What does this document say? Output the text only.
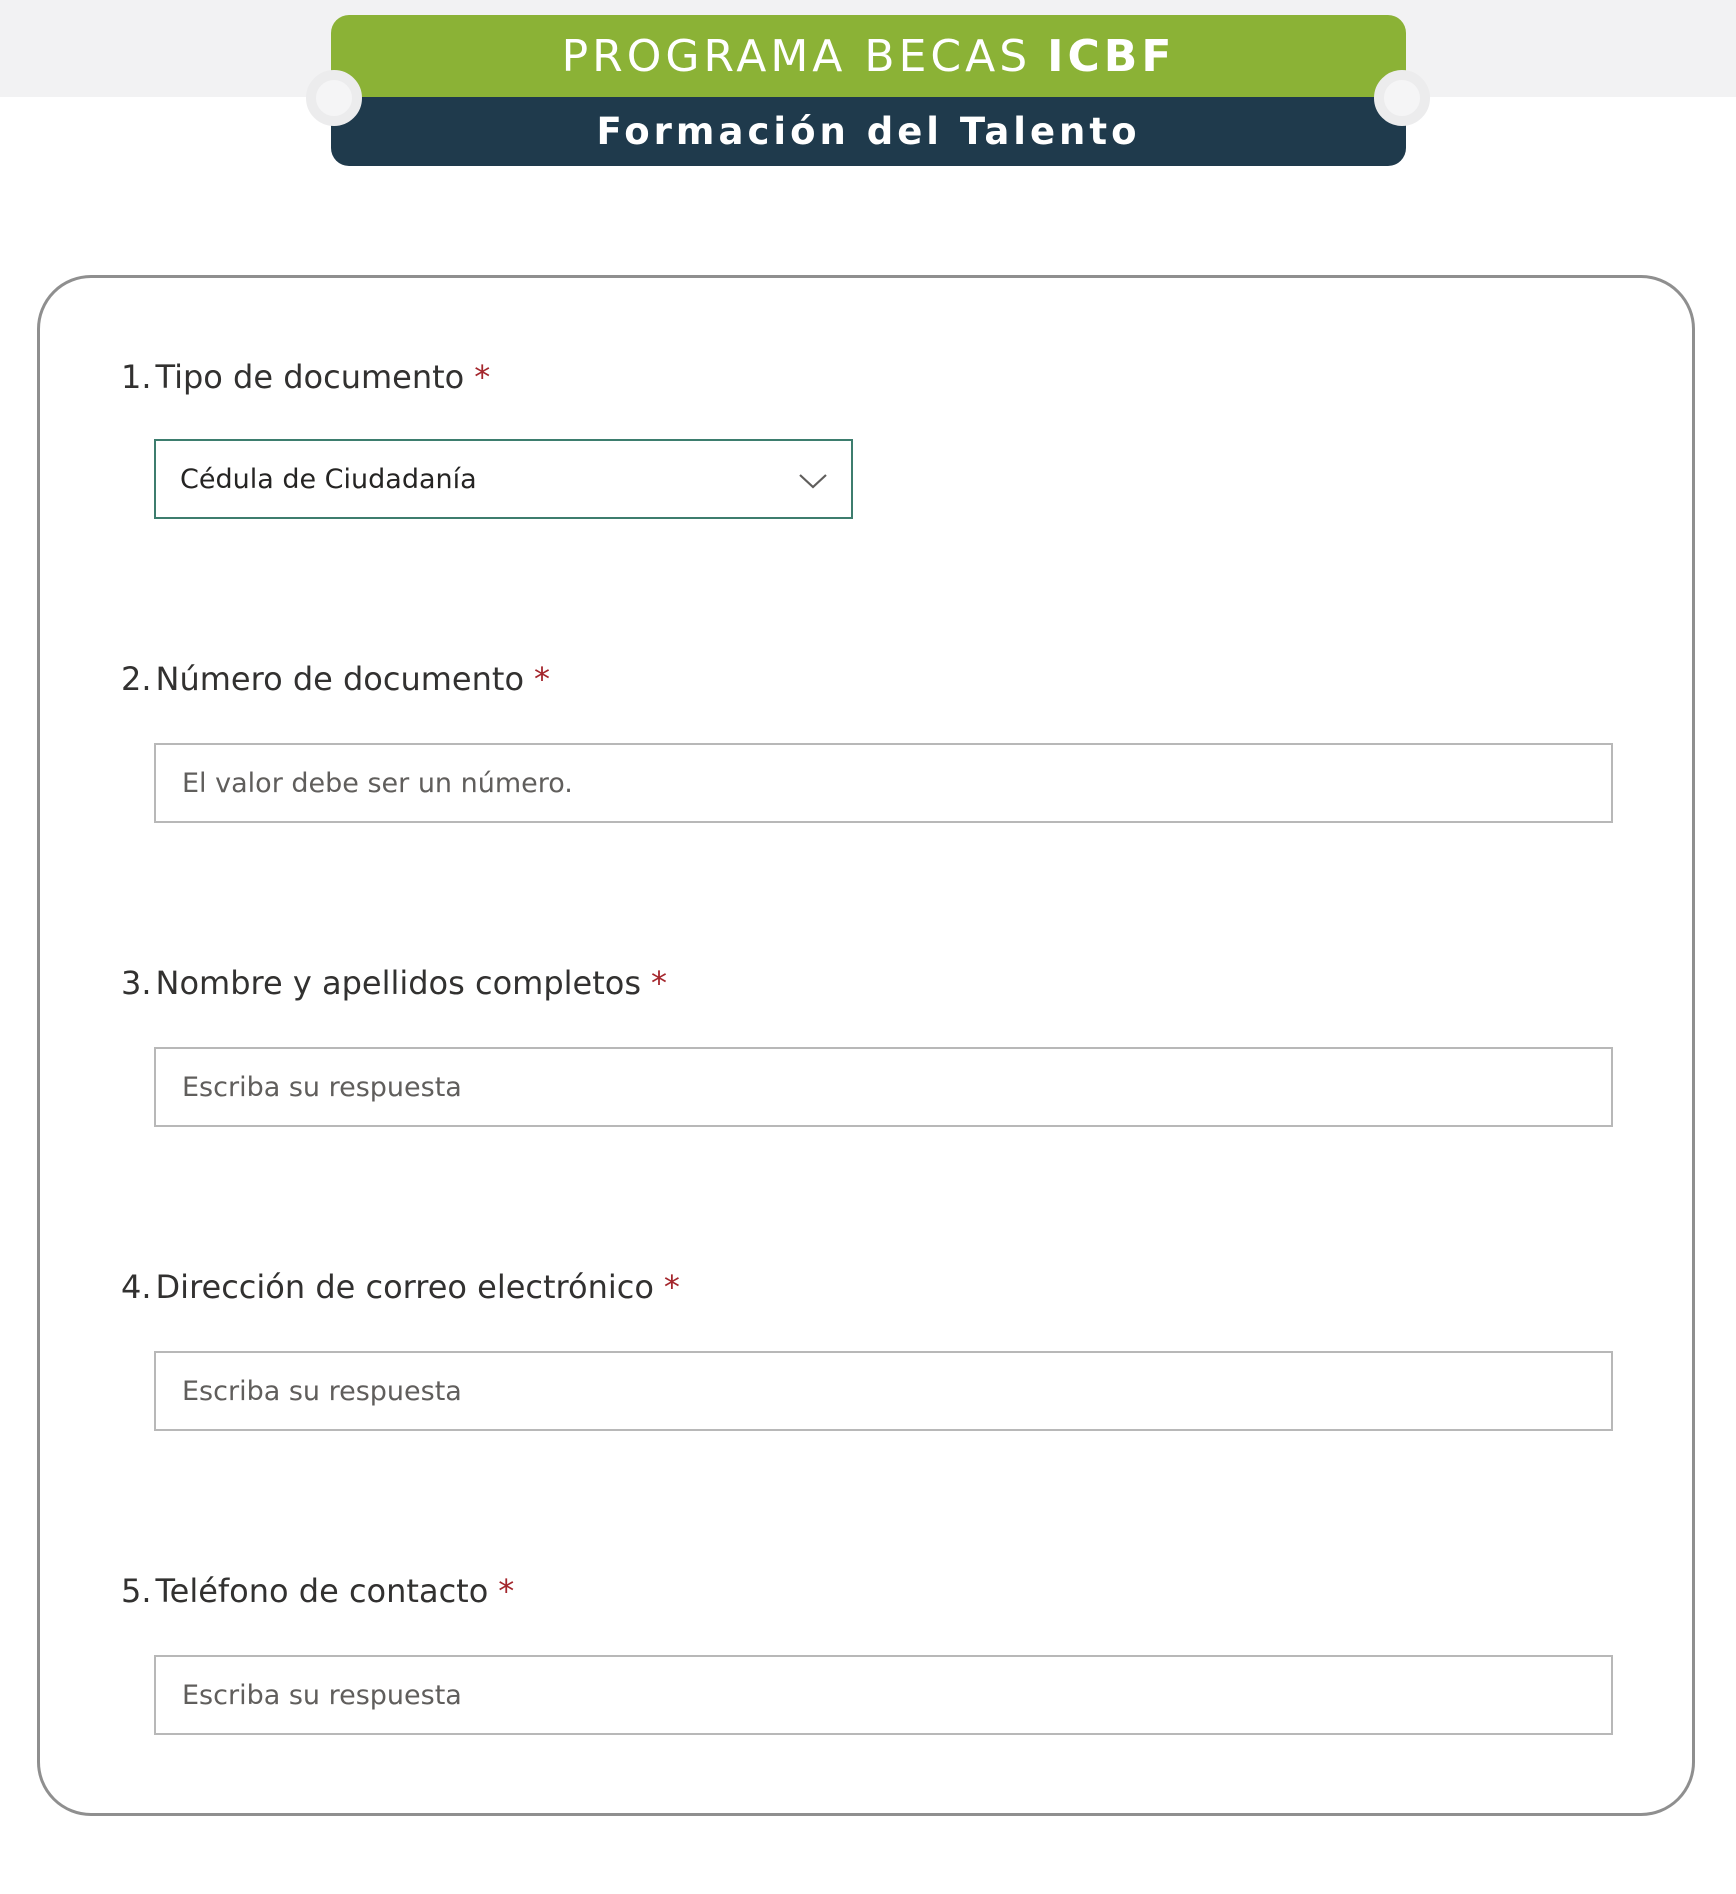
PROGRAMA BECAS ICBF
Formación del Talento
1. Tipo de documento *
Cédula de Ciudadanía
2. Número de documento *
El valor debe ser un número.
3. Nombre y apellidos completos *
Escriba su respuesta
4. Dirección de correo electrónico *
Escriba su respuesta
5. Teléfono de contacto *
Escriba su respuesta
